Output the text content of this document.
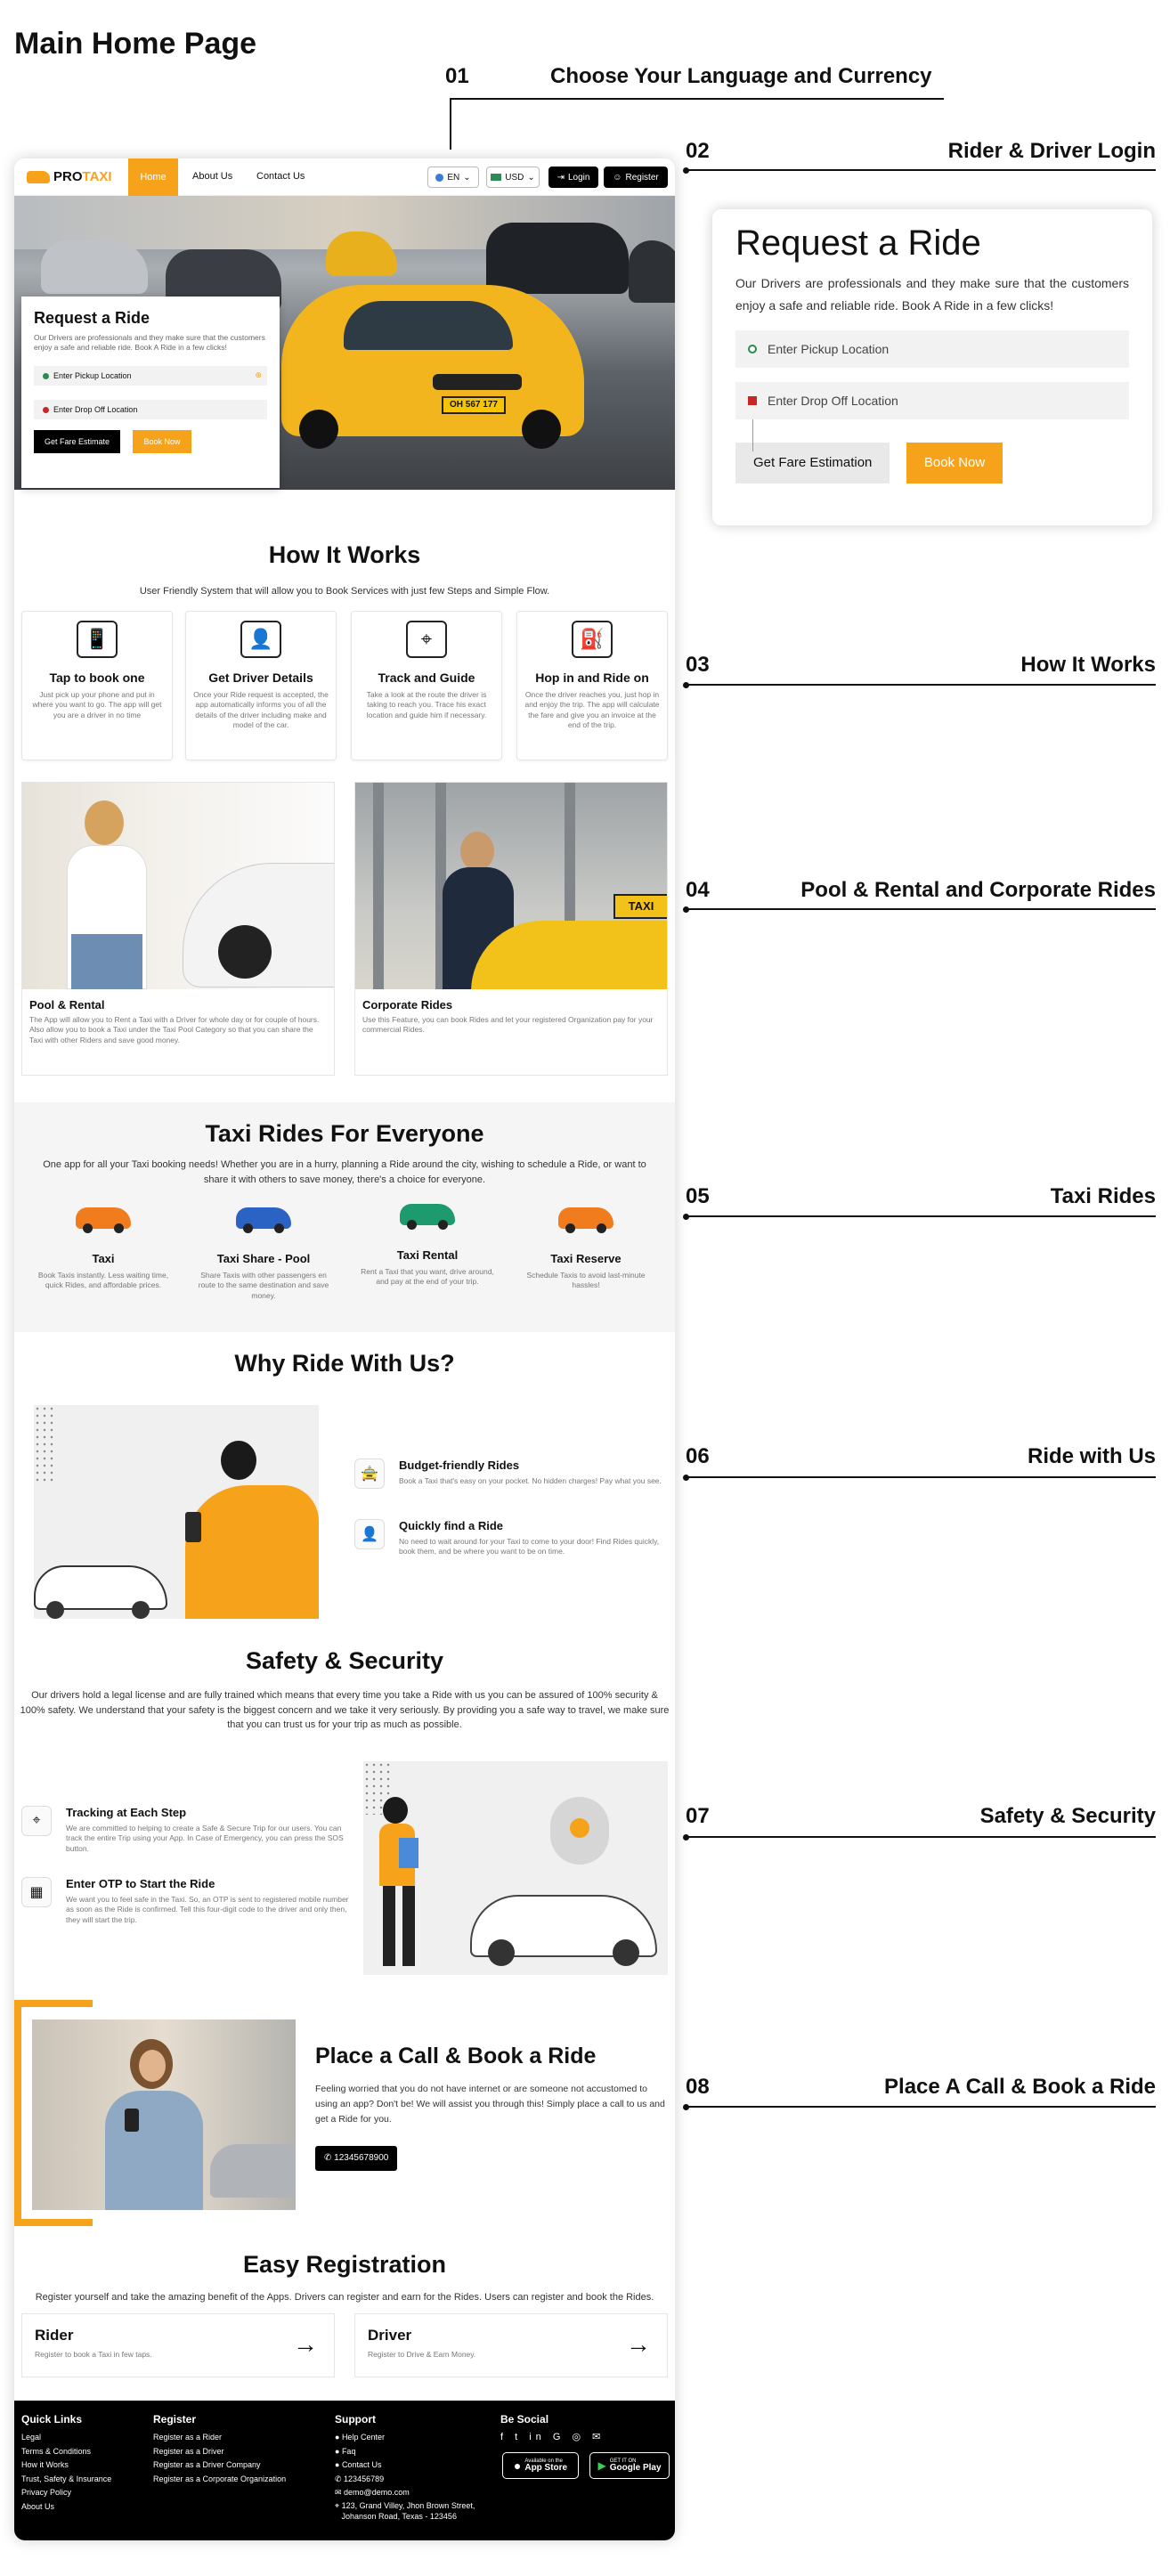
Main Home Page
01	Choose Your Language and Currency
02	Rider & Driver Login
03	How It Works
04	Pool & Rental and Corporate Rides
05	Taxi Rides
06	Ride with Us
07	Safety & Security
08	Place A Call & Book a Ride
Request a Ride

Our Drivers are professionals and they make sure that the customers enjoy a safe and reliable ride. Book A Ride in a few clicks!

Enter Pickup Location
Enter Drop Off Location
Get Fare Estimation	Book Now
PROTAXI	Home	About Us Contact Us	EN ⌄	USD ⌄ ⇥ Login	☺ Register
OH 567 177
Request a Ride

Our Drivers are professionals and they make sure that the customers enjoy a safe and reliable ride. Book A Ride in a few clicks!

Enter Pickup Location	⊕
Enter Drop Off Location
Get Fare Estimate	Book Now
How It Works
User Friendly System that will allow you to Book Services with just few Steps and Simple Flow.
📱
Tap to book one

Just pick up your phone and put in where you want to go. The app will get you are a driver in no time

👤
Get Driver Details

Once your Ride request is accepted, the app automatically informs you of all the details of the driver including make and model of the car.

⌖
Track and Guide

Take a look at the route the driver is taking to reach you. Trace his exact location and guide him if necessary.

⛽
Hop in and Ride on

Once the driver reaches you, just hop in and enjoy the trip. The app will calculate the fare and give you an invoice at the end of the trip.

Pool & Rental

The App will allow you to Rent a Taxi with a Driver for whole day or for couple of hours. Also allow you to book a Taxi under the Taxi Pool Category so that you can share the Taxi with other Riders and save good money.

TAXI
Corporate Rides

Use this Feature, you can book Rides and let your registered Organization pay for your commercial Rides.

Taxi Rides For Everyone
One app for all your Taxi booking needs! Whether you are in a hurry, planning a Ride around the city, wishing to schedule a Ride, or want to share it with others to save money, there's a choice for everyone.
Taxi

Book Taxis instantly. Less waiting time, quick Rides, and affordable prices.

Taxi Share - Pool

Share Taxis with other passengers en route to the same destination and save money.

Taxi Rental

Rent a Taxi that you want, drive around, and pay at the end of your trip.

Taxi Reserve

Schedule Taxis to avoid last-minute hassles!

Why Ride With Us?
🚖
Budget-friendly Rides

Book a Taxi that's easy on your pocket. No hidden charges! Pay what you see.

👤
Quickly find a Ride

No need to wait around for your Taxi to come to your door! Find Rides quickly, book them, and be where you want to be on time.

Safety & Security
Our drivers hold a legal license and are fully trained which means that every time you take a Ride with us you can be assured of 100% security & 100% safety. We understand that your safety is the biggest concern and we take it very seriously. By providing you a safe way to travel, we make sure that you can trust us for your trip as much as possible.
⌖
Tracking at Each Step

We are committed to helping to create a Safe & Secure Trip for our users. You can track the entire Trip using your App. In Case of Emergency, you can press the SOS button.

▦
Enter OTP to Start the Ride

We want you to feel safe in the Taxi. So, an OTP is sent to registered mobile number as soon as the Ride is confirmed. Tell this four-digit code to the driver and only then, they will start the trip.

Place a Call & Book a Ride
Feeling worried that you do not have internet or are someone not accustomed to using an app? Don't be! We will assist you through this! Simply place a call to us and get a Ride for you.
✆ 12345678900
Easy Registration
Register yourself and take the amazing benefit of the Apps. Drivers can register and earn for the Rides. Users can register and book the Rides.
Rider

Register to book a Taxi in few taps.	→	Driver

Register to Drive & Earn Money.	→
Quick Links
Legal
Terms & Conditions
How it Works
Trust, Safety & Insurance
Privacy Policy
About Us
Register
Register as a Rider
Register as a Driver
Register as a Driver Company
Register as a Corporate Organization
Support
● Help Center
● Faq
● Contact Us
✆ 123456789
✉ demo@demo.com
⌖ 123, Grand Villey, Jhon Brown Street,
Johanson Road, Texas - 123456
Be Social
f t in G ◎ ✉
● Available on the
App Store	▶ GET IT ON
Google Play
